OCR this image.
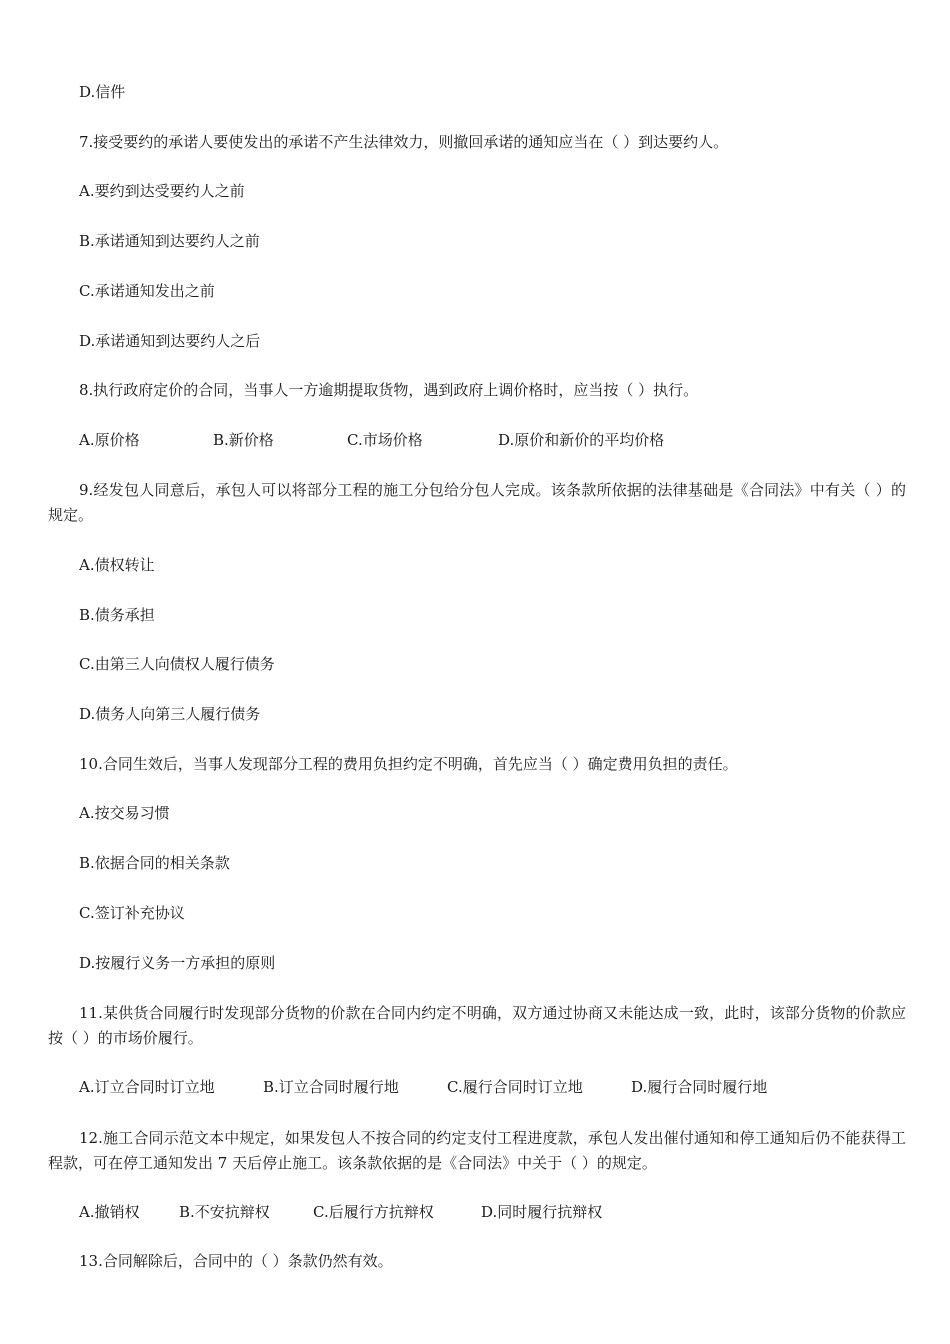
D.信件
7.接受要约的承诺人要使发出的承诺不产生法律效力，则撤回承诺的通知应当在（ ）到达要约人。
A.要约到达受要约人之前
B.承诺通知到达要约人之前
C.承诺通知发出之前
D.承诺通知到达要约人之后
8.执行政府定价的合同，当事人一方逾期提取货物，遇到政府上调价格时，应当按（ ）执行。
A.原价格	B.新价格	C.市场价格	D.原价和新价的平均价格
9.经发包人同意后，承包人可以将部分工程的施工分包给分包人完成。该条款所依据的法律基础是《合同法》中有关（ ）的规定。
A.债权转让
B.债务承担
C.由第三人向债权人履行债务
D.债务人向第三人履行债务
10.合同生效后，当事人发现部分工程的费用负担约定不明确，首先应当（ ）确定费用负担的责任。
A.按交易习惯
B.依据合同的相关条款
C.签订补充协议
D.按履行义务一方承担的原则
11.某供货合同履行时发现部分货物的价款在合同内约定不明确，双方通过协商又未能达成一致，此时，该部分货物的价款应按（ ）的市场价履行。
A.订立合同时订立地	B.订立合同时履行地	C.履行合同时订立地	D.履行合同时履行地
12.施工合同示范文本中规定，如果发包人不按合同的约定支付工程进度款，承包人发出催付通知和停工通知后仍不能获得工程款，可在停工通知发出 7 天后停止施工。该条款依据的是《合同法》中关于（ ）的规定。
A.撤销权	B.不安抗辩权	C.后履行方抗辩权	D.同时履行抗辩权
13.合同解除后，合同中的（ ）条款仍然有效。
